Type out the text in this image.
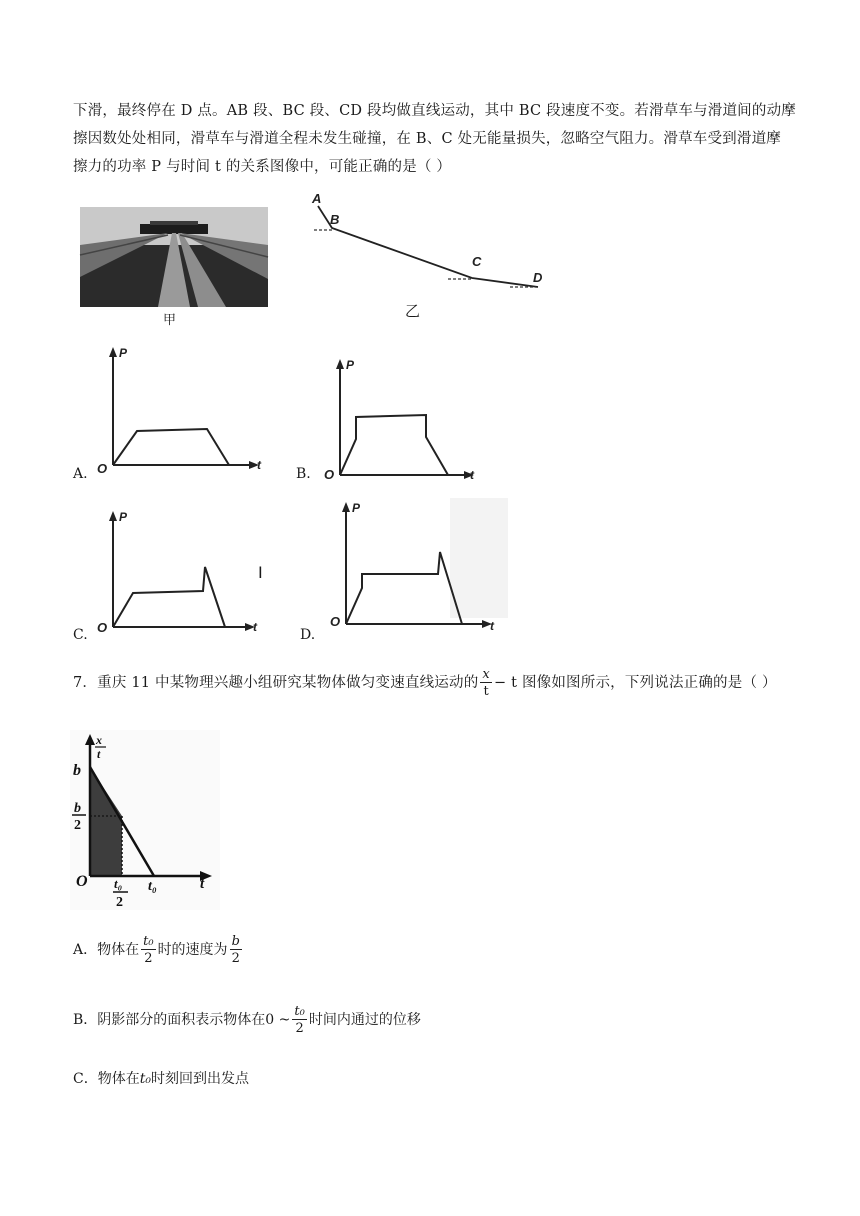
下滑，最终停在 D 点。AB 段、BC 段、CD 段均做直线运动，其中 BC 段速度不变。若滑草车与滑道间的动摩
擦因数处处相同，滑草车与滑道全程未发生碰撞，在 B、C 处无能量损失，忽略空气阻力。滑草车受到滑道摩
擦力的功率 P 与时间 t 的关系图像中，可能正确的是（ ）
甲
A
B
C
D
乙
P
t
O
A.
P
t
O
B.
P
t
O
C.
I
P
t
O
D.
7．重庆 11 中某物理兴趣小组研究某物体做匀变速直线运动的 $\frac{x}{t} - t$ 图像如图所示，下列说法正确的是（ ）
x
t
b
b
2
O t₀
2
t₀	t
A．物体在 $\frac{\text{t₀}}{2}$ 时的速度为 $\frac{b}{2}$
B．阴影部分的面积表示物体在0 ~ $\frac{\text{t₀}}{2}$ 时间内通过的位移
C．物体在t₀时刻回到出发点
